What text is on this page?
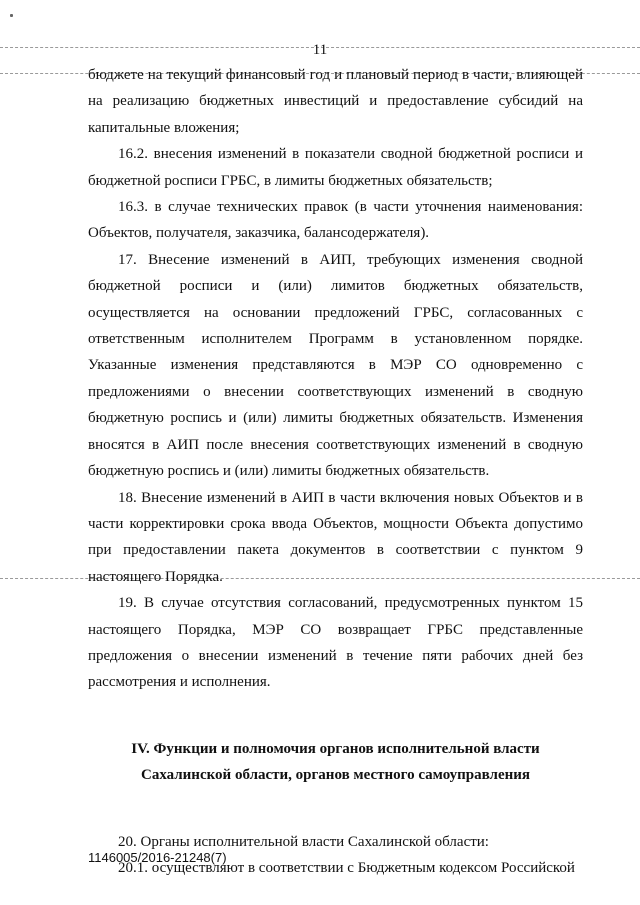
11

бюджете на текущий финансовый год и плановый период в части, влияющей на реализацию бюджетных инвестиций и предоставление субсидий на капитальные вложения;

16.2. внесения изменений в показатели сводной бюджетной росписи и бюджетной росписи ГРБС, в лимиты бюджетных обязательств;

16.3. в случае технических правок (в части уточнения наименования: Объектов, получателя, заказчика, балансодержателя).

17. Внесение изменений в АИП, требующих изменения сводной бюджетной росписи и (или) лимитов бюджетных обязательств, осуществляется на основании предложений ГРБС, согласованных с ответственным исполнителем Программ в установленном порядке. Указанные изменения представляются в МЭР СО одновременно с предложениями о внесении соответствующих изменений в сводную бюджетную роспись и (или) лимиты бюджетных обязательств. Изменения вносятся в АИП после внесения соответствующих изменений в сводную бюджетную роспись и (или) лимиты бюджетных обязательств.

18. Внесение изменений в АИП в части включения новых Объектов и в части корректировки срока ввода Объектов, мощности Объекта допустимо при предоставлении пакета документов в соответствии с пунктом 9 настоящего Порядка.

19. В случае отсутствия согласований, предусмотренных пунктом 15 настоящего Порядка, МЭР СО возвращает ГРБС представленные предложения о внесении изменений в течение пяти рабочих дней без рассмотрения и исполнения.

IV. Функции и полномочия органов исполнительной власти
Сахалинской области, органов местного самоуправления

20. Органы исполнительной власти Сахалинской области:

20.1. осуществляют в соответствии с Бюджетным кодексом Российской

1146005/2016-21248(7)
